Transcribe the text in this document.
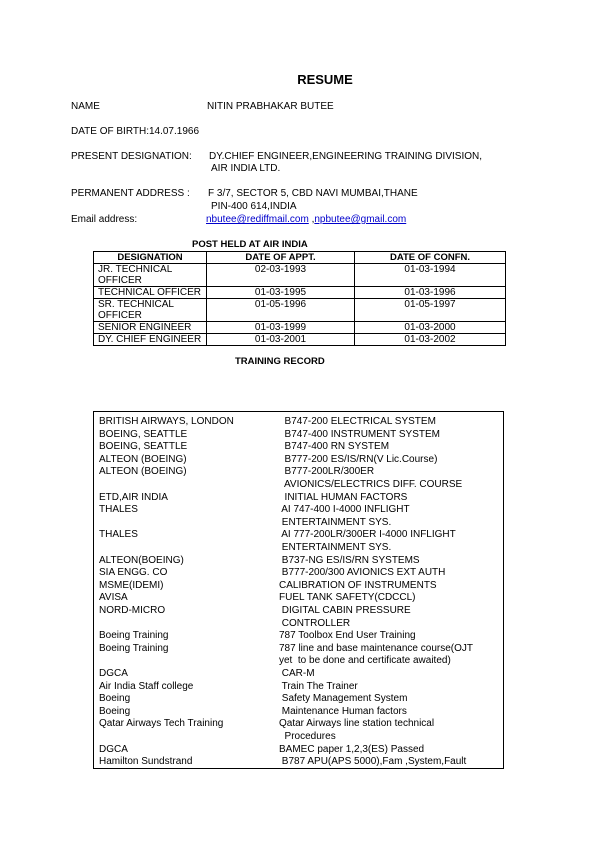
RESUME
NAME	NITIN PRABHAKAR BUTEE
DATE OF BIRTH:14.07.1966
PRESENT DESIGNATION: DY.CHIEF ENGINEER,ENGINEERING TRAINING DIVISION,
AIR INDIA LTD.
PERMANENT ADDRESS : F 3/7, SECTOR 5, CBD NAVI MUMBAI,THANE
PIN-400 614,INDIA
Email address:	nbutee@rediffmail.com ,npbutee@gmail.com
POST HELD AT AIR INDIA
DESIGNATION	DATE OF APPT.	DATE OF CONFN.
JR. TECHNICAL OFFICER	02-03-1993	01-03-1994
TECHNICAL OFFICER	01-03-1995	01-03-1996
SR. TECHNICAL OFFICER	01-05-1996	01-05-1997
SENIOR ENGINEER	01-03-1999	01-03-2000
DY. CHIEF ENGINEER	01-03-2001	01-03-2002
TRAINING RECORD
BRITISH AIRWAYS, LONDON	B747-200 ELECTRICAL SYSTEM
BOEING, SEATTLE	B747-400 INSTRUMENT SYSTEM
BOEING, SEATTLE	B747-400 RN SYSTEM
ALTEON (BOEING)	B777-200 ES/IS/RN(V Lic.Course)
ALTEON (BOEING)	B777-200LR/300ER
AVIONICS/ELECTRICS DIFF. COURSE
ETD,AIR INDIA	INITIAL HUMAN FACTORS
THALES	AI 747-400 I-4000 INFLIGHT
ENTERTAINMENT SYS.
THALES	AI 777-200LR/300ER I-4000 INFLIGHT
ENTERTAINMENT SYS.
ALTEON(BOEING)	B737-NG ES/IS/RN SYSTEMS
SIA ENGG. CO	B777-200/300 AVIONICS EXT AUTH
MSME(IDEMI)	CALIBRATION OF INSTRUMENTS
AVISA	FUEL TANK SAFETY(CDCCL)
NORD-MICRO	DIGITAL CABIN PRESSURE
CONTROLLER
Boeing Training	787 Toolbox End User Training
Boeing Training	787 line and base maintenance course(OJT
yet  to be done and certificate awaited)
DGCA	CAR-M
Air India Staff college	Train The Trainer
Boeing	Safety Management System
Boeing	Maintenance Human factors
Qatar Airways Tech Training	Qatar Airways line station technical
Procedures
DGCA	BAMEC paper 1,2,3(ES) Passed
Hamilton Sundstrand	B787 APU(APS 5000),Fam ,System,Fault
